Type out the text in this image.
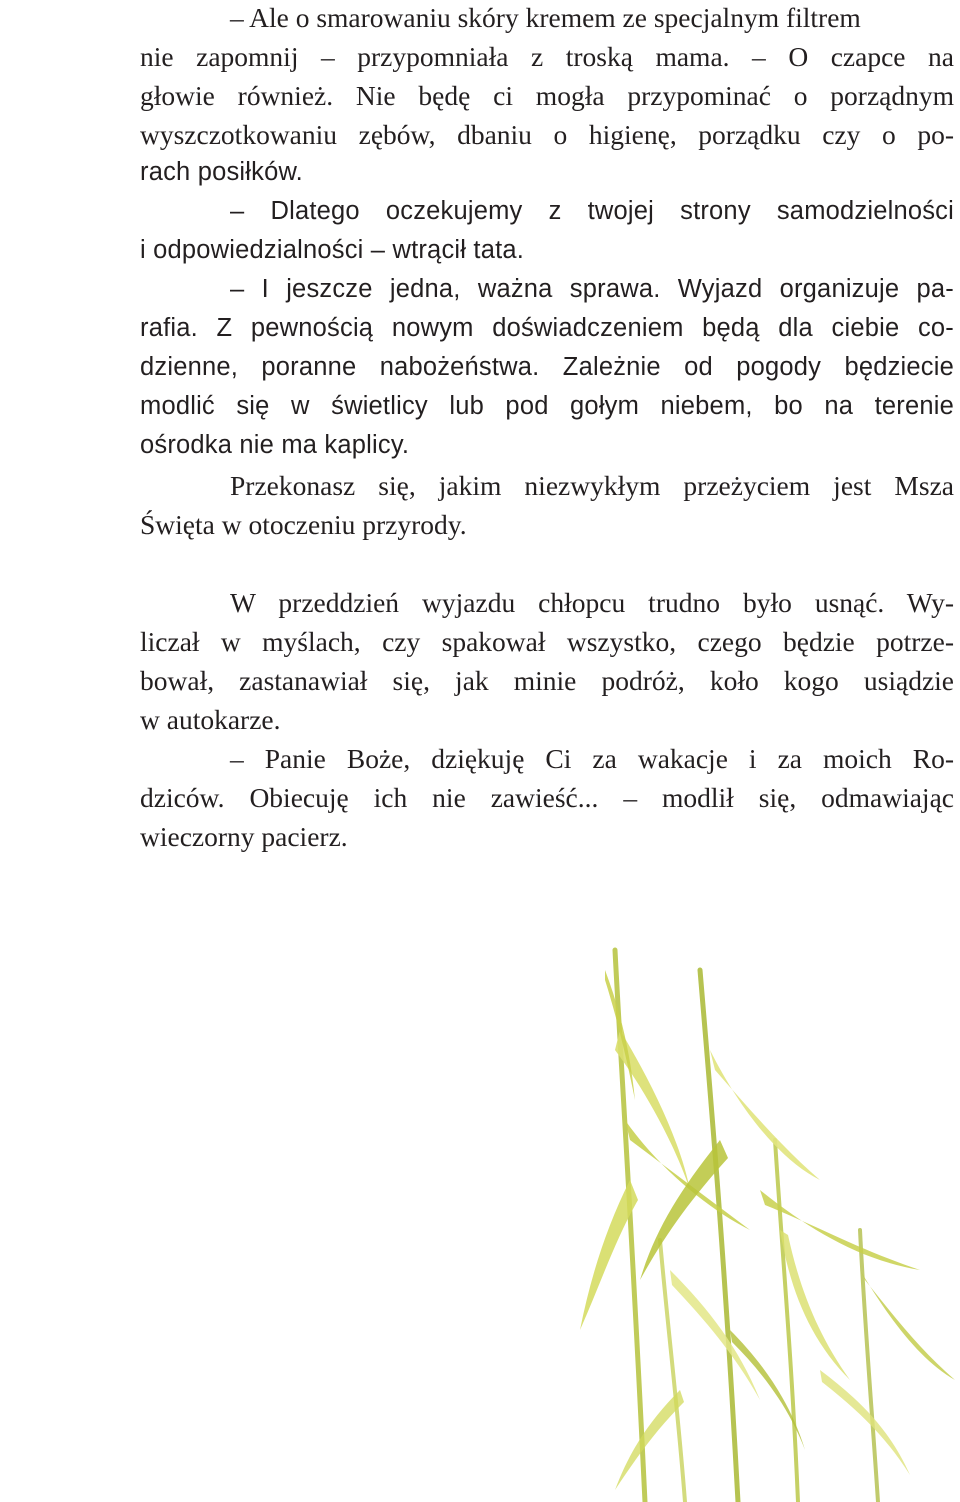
– Ale o smarowaniu skóry kremem ze specjalnym filtrem
nie zapomnij – przypomniała z troską mama. – O czapce na
głowie również. Nie będę ci mogła przypominać o porządnym
wyszczotkowaniu zębów, dbaniu o higienę, porządku czy o po-
rach posiłków.
– Dlatego oczekujemy z twojej strony samodzielności
i odpowiedzialności – wtrącił tata.
– I jeszcze jedna, ważna sprawa. Wyjazd organizuje pa-
rafia. Z pewnością nowym doświadczeniem będą dla ciebie co-
dzienne, poranne nabożeństwa. Zależnie od pogody będziecie
modlić się w świetlicy lub pod gołym niebem, bo na terenie
ośrodka nie ma kaplicy.
Przekonasz się, jakim niezwykłym przeżyciem jest Msza
Święta w otoczeniu przyrody.
W przeddzień wyjazdu chłopcu trudno było usnąć. Wy-
liczał w myślach, czy spakował wszystko, czego będzie potrze-
bował, zastanawiał się, jak minie podróż, koło kogo usiądzie
w autokarze.
– Panie Boże, dziękuję Ci za wakacje i za moich Ro-
dziców. Obiecuję ich nie zawieść... – modlił się, odmawiając
wieczorny pacierz.
